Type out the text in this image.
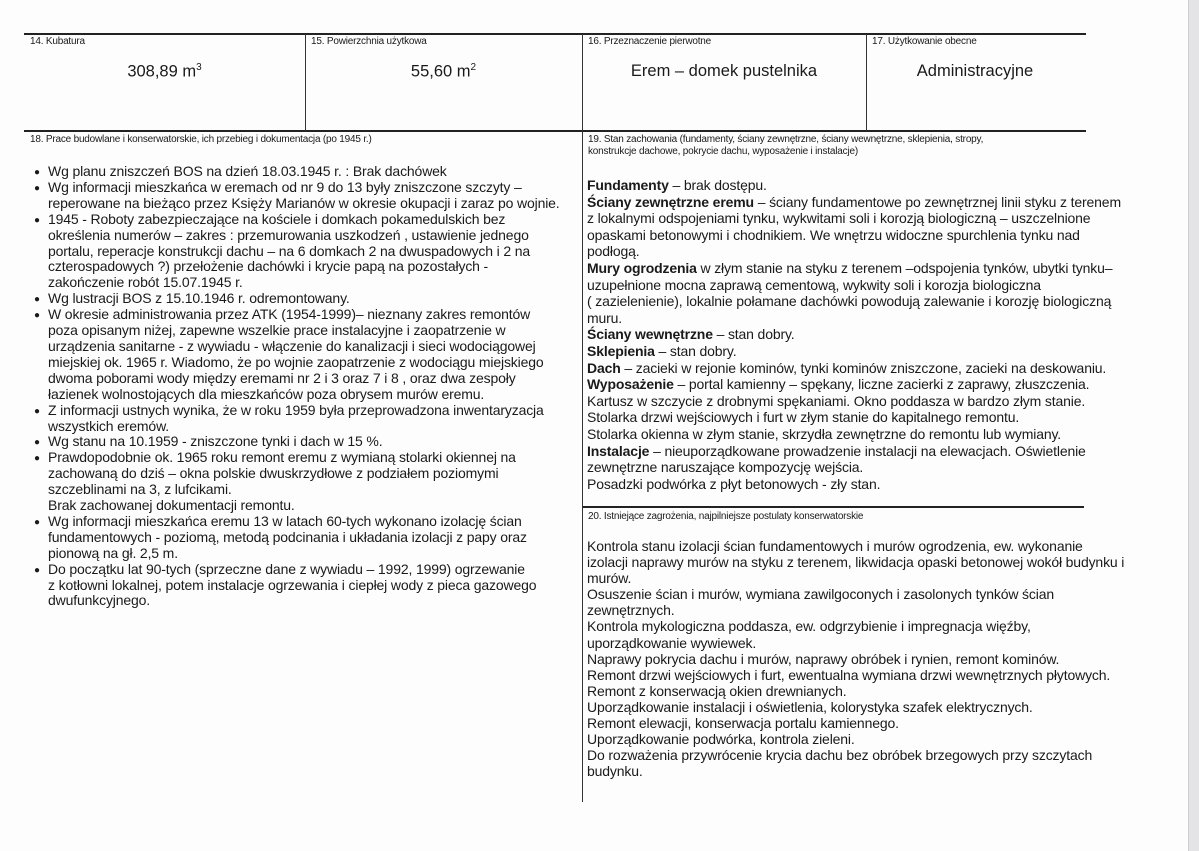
14. Kubatura
308,89 $m^3$
15. Powierzchnia użytkowa
55,60 $m^2$
16. Przeznaczenie pierwotne
Erem – domek pustelnika
17. Użytkowanie obecne
Administracyjne
18. Prace budowlane i konserwatorskie, ich przebieg i dokumentacja (po 1945 r.)
● Wg planu zniszczeń BOS na dzień 18.03.1945 r. : Brak dachówek
● Wg informacji mieszkańca w eremach od nr 9 do 13 były zniszczone szczyty –
reperowane na bieżąco przez Księży Marianów w okresie okupacji i zaraz po wojnie.
● 1945 - Roboty zabezpieczające na kościele i domkach pokamedulskich bez
określenia numerów – zakres : przemurowania uszkodzeń , ustawienie jednego
portalu, reperacje konstrukcji dachu – na 6 domkach 2 na dwuspadowych i 2 na
czterospadowych ?) przełożenie dachówki i krycie papą na pozostałych -
zakończenie robót 15.07.1945 r.
● Wg lustracji BOS z 15.10.1946 r. odremontowany.
● W okresie administrowania przez ATK (1954-1999)– nieznany zakres remontów
poza opisanym niżej, zapewne wszelkie prace instalacyjne i zaopatrzenie w
urządzenia sanitarne - z wywiadu - włączenie do kanalizacji i sieci wodociągowej
miejskiej ok. 1965 r. Wiadomo, że po wojnie zaopatrzenie z wodociągu miejskiego
dwoma poborami wody między eremami nr 2 i 3 oraz 7 i 8 , oraz dwa zespoły
łazienek wolnostojących dla mieszkańców poza obrysem murów eremu.
● Z informacji ustnych wynika, że w roku 1959 była przeprowadzona inwentaryzacja
wszystkich eremów.
● Wg stanu na 10.1959 - zniszczone tynki i dach w 15 %.
● Prawdopodobnie ok. 1965 roku remont eremu z wymianą stolarki okiennej na
zachowaną do dziś – okna polskie dwuskrzydłowe z podziałem poziomymi
szczeblinami na 3, z lufcikami.
Brak zachowanej dokumentacji remontu.
● Wg informacji mieszkańca eremu 13 w latach 60-tych wykonano izolację ścian
fundamentowych - poziomą, metodą podcinania i układania izolacji z papy oraz
pionową na gł. 2,5 m.
● Do początku lat 90-tych (sprzeczne dane z wywiadu – 1992, 1999) ogrzewanie
z kotłowni lokalnej, potem instalacje ogrzewania i ciepłej wody z pieca gazowego
dwufunkcyjnego.
19. Stan zachowania (fundamenty, ściany zewnętrzne, ściany wewnętrzne, sklepienia, stropy,
konstrukcje dachowe, pokrycie dachu, wyposażenie i instalacje)
Fundamenty – brak dostępu.
Ściany zewnętrzne eremu – ściany fundamentowe po zewnętrznej linii styku z terenem
z lokalnymi odspojeniami tynku, wykwitami soli i korozją biologiczną – uszczelnione
opaskami betonowymi i chodnikiem. We wnętrzu widoczne spurchlenia tynku nad
podłogą.
Mury ogrodzenia w złym stanie na styku z terenem –odspojenia tynków, ubytki tynku–
uzupełnione mocna zaprawą cementową, wykwity soli i korozja biologiczna
( zazielenienie), lokalnie połamane dachówki powodują zalewanie i korozję biologiczną
muru.
Ściany wewnętrzne – stan dobry.
Sklepienia – stan dobry.
Dach – zacieki w rejonie kominów, tynki kominów zniszczone, zacieki na deskowaniu.
Wyposażenie – portal kamienny – spękany, liczne zacierki z zaprawy, złuszczenia.
Kartusz w szczycie z drobnymi spękaniami. Okno poddasza w bardzo złym stanie.
Stolarka drzwi wejściowych i furt w złym stanie do kapitalnego remontu.
Stolarka okienna w złym stanie, skrzydła zewnętrzne do remontu lub wymiany.
Instalacje – nieuporządkowane prowadzenie instalacji na elewacjach. Oświetlenie
zewnętrzne naruszające kompozycję wejścia.
Posadzki podwórka z płyt betonowych - zły stan.
20. Istniejące zagrożenia, najpilniejsze postulaty konserwatorskie
Kontrola stanu izolacji ścian fundamentowych i murów ogrodzenia, ew. wykonanie
izolacji naprawy murów na styku z terenem, likwidacja opaski betonowej wokół budynku i
murów.
Osuszenie ścian i murów, wymiana zawilgoconych i zasolonych tynków ścian
zewnętrznych.
Kontrola mykologiczna poddasza, ew. odgrzybienie i impregnacja więźby,
uporządkowanie wywiewek.
Naprawy pokrycia dachu i murów, naprawy obróbek i rynien, remont kominów.
Remont drzwi wejściowych i furt, ewentualna wymiana drzwi wewnętrznych płytowych.
Remont z konserwacją okien drewnianych.
Uporządkowanie instalacji i oświetlenia, kolorystyka szafek elektrycznych.
Remont elewacji, konserwacja portalu kamiennego.
Uporządkowanie podwórka, kontrola zieleni.
Do rozważenia przywrócenie krycia dachu bez obróbek brzegowych przy szczytach
budynku.
